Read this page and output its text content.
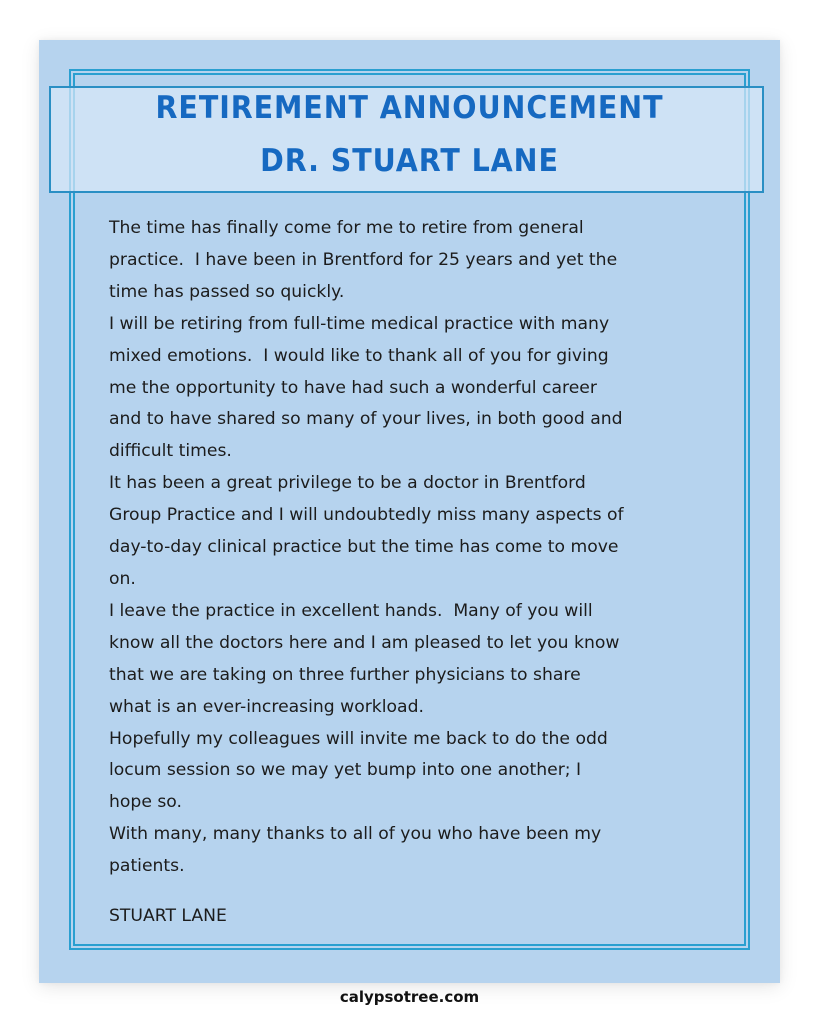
RETIREMENT ANNOUNCEMENT
DR. STUART LANE
The time has finally come for me to retire from general
practice.  I have been in Brentford for 25 years and yet the
time has passed so quickly.
I will be retiring from full-time medical practice with many
mixed emotions.  I would like to thank all of you for giving
me the opportunity to have had such a wonderful career
and to have shared so many of your lives, in both good and
difficult times.
It has been a great privilege to be a doctor in Brentford
Group Practice and I will undoubtedly miss many aspects of
day-to-day clinical practice but the time has come to move
on.
I leave the practice in excellent hands.  Many of you will
know all the doctors here and I am pleased to let you know
that we are taking on three further physicians to share
what is an ever-increasing workload.
Hopefully my colleagues will invite me back to do the odd
locum session so we may yet bump into one another; I
hope so.
With many, many thanks to all of you who have been my
patients.
STUART LANE
calypsotree.com
